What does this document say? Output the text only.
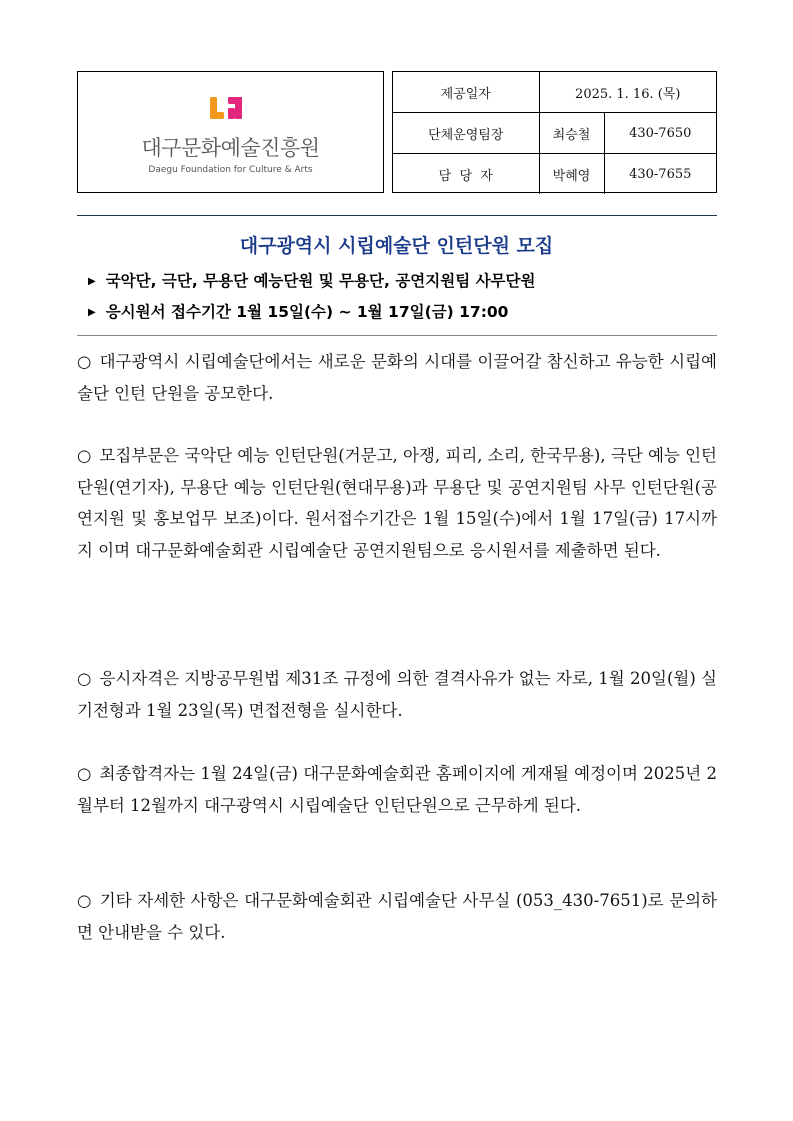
대구문화예술진흥원
Daegu Foundation for Culture & Arts
제공일자	2025. 1. 16. (목)	
단체운영팀장	최승철	430-7650
담  당  자	박혜영	430-7655
대구광역시 시립예술단 인턴단원 모집
▶ 국악단, 극단, 무용단 예능단원 및 무용단, 공연지원팀 사무단원
▶ 응시원서 접수기간 1월 15일(수) ~ 1월 17일(금) 17:00

○ 대구광역시 시립예술단에서는 새로운 문화의 시대를 이끌어갈 참신하고 유능한 시립예술단 인턴 단원을 공모한다.

○ 모집부문은 국악단 예능 인턴단원(거문고, 아쟁, 피리, 소리, 한국무용), 극단 예능 인턴단원(연기자), 무용단 예능 인턴단원(현대무용)과 무용단 및 공연지원팀 사무 인턴단원(공연지원 및 홍보업무 보조)이다. 원서접수기간은 1월 15일(수)에서 1월 17일(금) 17시까지 이며 대구문화예술회관 시립예술단 공연지원팀으로 응시원서를 제출하면 된다.

○ 응시자격은 지방공무원법 제31조 규정에 의한 결격사유가 없는 자로, 1월 20일(월) 실기전형과 1월 23일(목) 면접전형을 실시한다.

○ 최종합격자는 1월 24일(금) 대구문화예술회관 홈페이지에 게재될 예정이며 2025년 2월부터 12월까지 대구광역시 시립예술단 인턴단원으로 근무하게 된다.

○ 기타 자세한 사항은 대구문화예술회관 시립예술단 사무실 (053_430-7651)로 문의하면 안내받을 수 있다.
